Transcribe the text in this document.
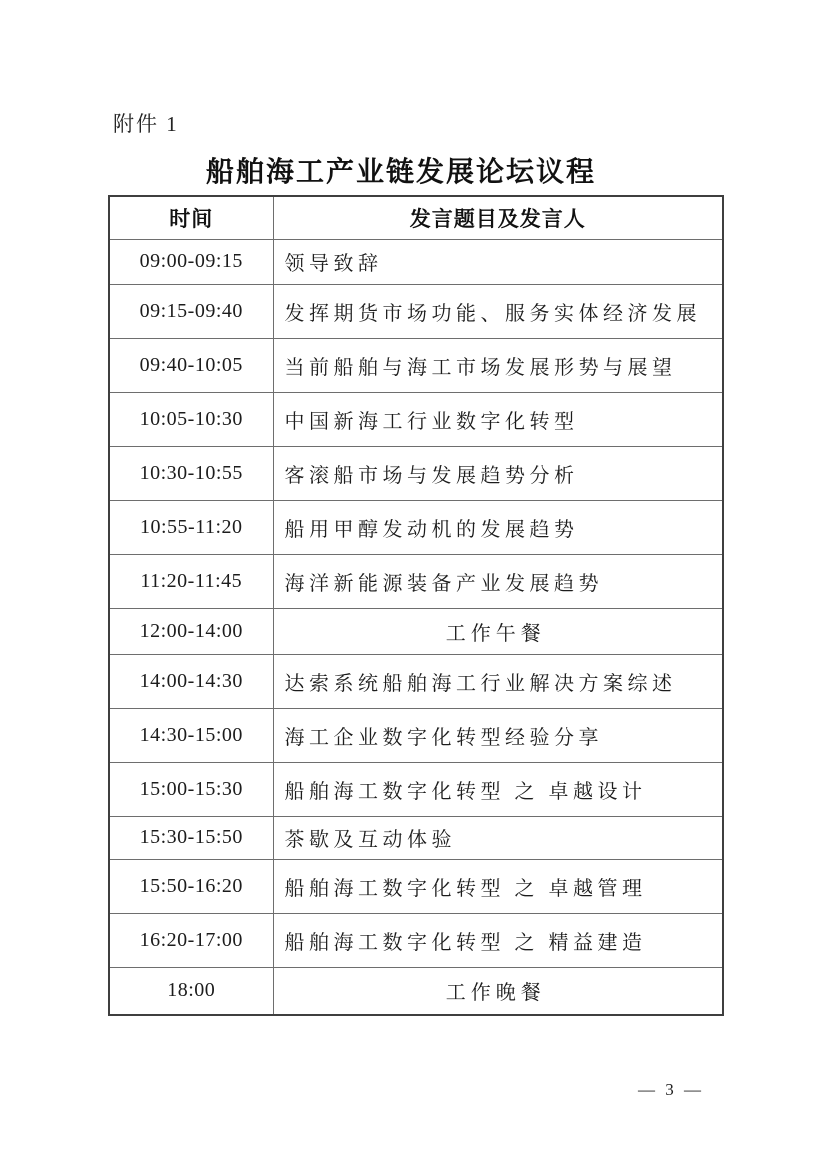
附件 1
船舶海工产业链发展论坛议程
时间	发言题目及发言人
09:00-09:15	领导致辞
09:15-09:40	发挥期货市场功能、服务实体经济发展
09:40-10:05	当前船舶与海工市场发展形势与展望
10:05-10:30	中国新海工行业数字化转型
10:30-10:55	客滚船市场与发展趋势分析
10:55-11:20	船用甲醇发动机的发展趋势
11:20-11:45	海洋新能源装备产业发展趋势
12:00-14:00	工作午餐
14:00-14:30	达索系统船舶海工行业解决方案综述
14:30-15:00	海工企业数字化转型经验分享
15:00-15:30	船舶海工数字化转型 之 卓越设计
15:30-15:50	茶歇及互动体验
15:50-16:20	船舶海工数字化转型 之 卓越管理
16:20-17:00	船舶海工数字化转型 之 精益建造
18:00	工作晚餐
— 3 —
